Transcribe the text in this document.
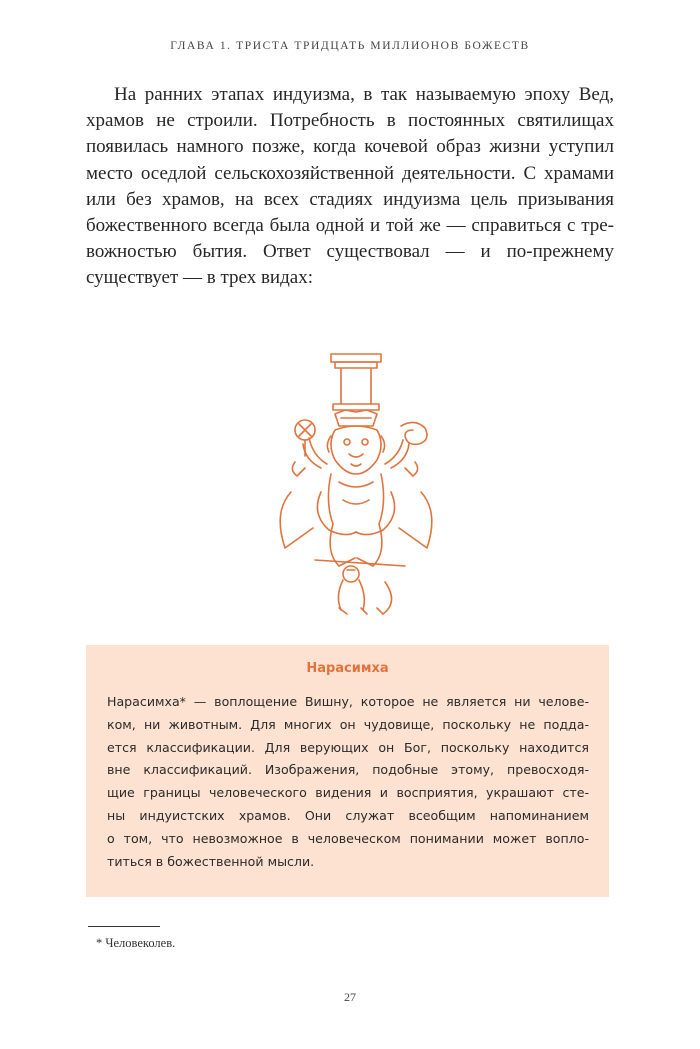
ГЛАВА 1. ТРИСТА ТРИДЦАТЬ МИЛЛИОНОВ БОЖЕСТВ
На ранних этапах индуизма, в так называемую эпоху Вед,
храмов не строили. Потребность в постоянных святилищах
появилась намного позже, когда кочевой образ жизни уступил
место оседлой сельскохозяйственной деятельности. С храмами
или без храмов, на всех стадиях индуизма цель призывания
божественного всегда была одной и той же — справиться с тре-
вожностью бытия. Ответ существовал — и по-прежнему
существует — в трех видах:
Нарасимха
Нарасимха* — воплощение Вишну, которое не является ни челове-
ком, ни животным. Для многих он чудовище, поскольку не подда-
ется классификации. Для верующих он Бог, поскольку находится
вне классификаций. Изображения, подобные этому, превосходя-
щие границы человеческого видения и восприятия, украшают сте-
ны индуистских храмов. Они служат всеобщим напоминанием
о том, что невозможное в человеческом понимании может вопло-
титься в божественной мысли.
* Человеколев.
27
